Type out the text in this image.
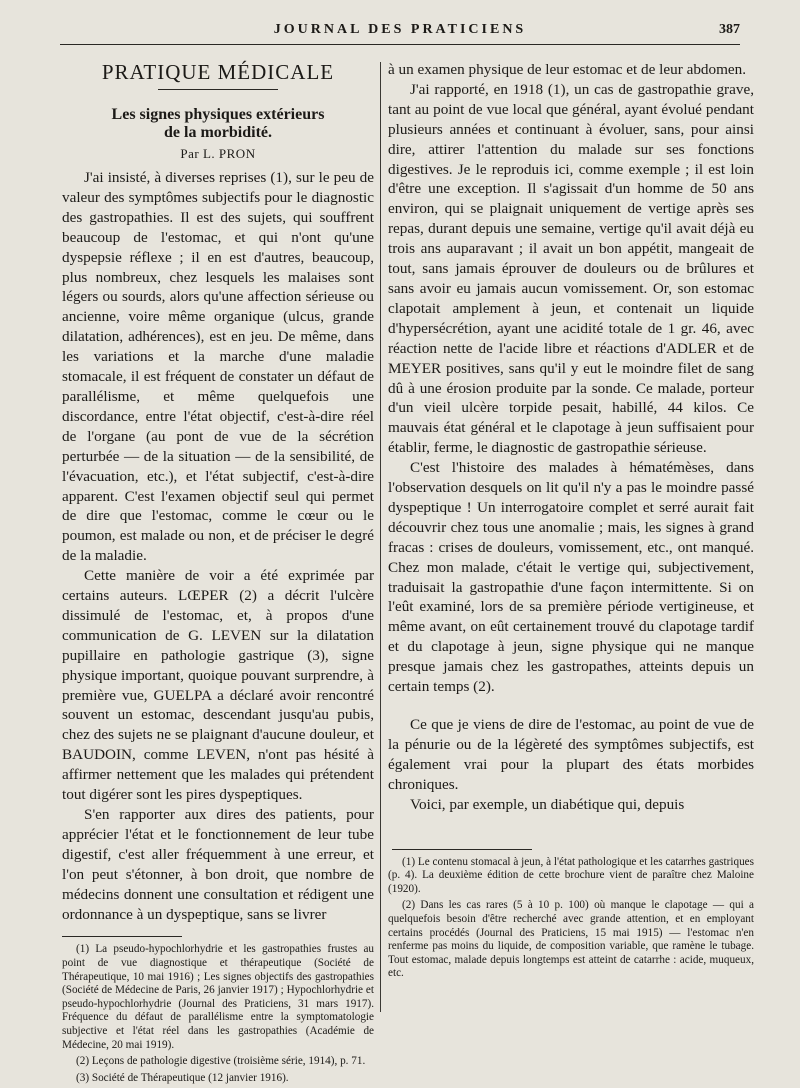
JOURNAL DES PRATICIENS	387
PRATIQUE MÉDICALE
Les signes physiques extérieurs
de la morbidité.
Par L. PRON

J'ai insisté, à diverses reprises (1), sur le peu de valeur des symptômes subjectifs pour le diagnostic des gastropathies. Il est des sujets, qui souffrent beaucoup de l'estomac, et qui n'ont qu'une dyspepsie réflexe ; il en est d'autres, beaucoup, plus nombreux, chez lesquels les malaises sont légers ou sourds, alors qu'une affection sérieuse ou ancienne, voire même organique (ulcus, grande dilatation, adhérences), est en jeu. De même, dans les variations et la marche d'une maladie stomacale, il est fréquent de constater un défaut de parallélisme, et même quelquefois une discordance, entre l'état objectif, c'est-à-dire réel de l'organe (au pont de vue de la sécrétion perturbée — de la situation — de la sensibilité, de l'évacuation, etc.), et l'état subjectif, c'est-à-dire apparent. C'est l'examen objectif seul qui permet de dire que l'estomac, comme le cœur ou le poumon, est malade ou non, et de préciser le degré de la maladie.

Cette manière de voir a été exprimée par certains auteurs. LŒPER (2) a décrit l'ulcère dissimulé de l'estomac, et, à propos d'une communication de G. LEVEN sur la dilatation pupillaire en pathologie gastrique (3), signe physique important, quoique pouvant surprendre, à première vue, GUELPA a déclaré avoir rencontré souvent un estomac, descendant jusqu'au pubis, chez des sujets ne se plaignant d'aucune douleur, et BAUDOIN, comme LEVEN, n'ont pas hésité à affirmer nettement que les malades qui prétendent tout digérer sont les pires dyspeptiques.

S'en rapporter aux dires des patients, pour apprécier l'état et le fonctionnement de leur tube digestif, c'est aller fréquemment à une erreur, et l'on peut s'étonner, à bon droit, que nombre de médecins donnent une consultation et rédigent une ordonnance à un dyspeptique, sans se livrer

(1) La pseudo-hypochlorhydrie et les gastropathies frustes au point de vue diagnostique et thérapeutique (Société de Thérapeutique, 10 mai 1916) ; Les signes objectifs des gastropathies (Société de Médecine de Paris, 26 janvier 1917) ; Hypochlorhydrie et pseudo-hypochlorhydrie (Journal des Praticiens, 31 mars 1917). Fréquence du défaut de parallélisme entre la symptomatologie subjective et l'état réel dans les gastropathies (Académie de Médecine, 20 mai 1919).

(2) Leçons de pathologie digestive (troisième série, 1914), p. 71.

(3) Société de Thérapeutique (12 janvier 1916).

à un examen physique de leur estomac et de leur abdomen.

J'ai rapporté, en 1918 (1), un cas de gastropathie grave, tant au point de vue local que général, ayant évolué pendant plusieurs années et continuant à évoluer, sans, pour ainsi dire, attirer l'attention du malade sur ses fonctions digestives. Je le reproduis ici, comme exemple ; il est loin d'être une exception. Il s'agissait d'un homme de 50 ans environ, qui se plaignait uniquement de vertige après ses repas, durant depuis une semaine, vertige qu'il avait déjà eu trois ans auparavant ; il avait un bon appétit, mangeait de tout, sans jamais éprouver de douleurs ou de brûlures et sans avoir eu jamais aucun vomissement. Or, son estomac clapotait amplement à jeun, et contenait un liquide d'hypersécrétion, ayant une acidité totale de 1 gr. 46, avec réaction nette de l'acide libre et réactions d'ADLER et de MEYER positives, sans qu'il y eut le moindre filet de sang dû à une érosion produite par la sonde. Ce malade, porteur d'un vieil ulcère torpide pesait, habillé, 44 kilos. Ce mauvais état général et le clapotage à jeun suffisaient pour établir, ferme, le diagnostic de gastropathie sérieuse.

C'est l'histoire des malades à hématémèses, dans l'observation desquels on lit qu'il n'y a pas le moindre passé dyspeptique ! Un interrogatoire complet et serré aurait fait découvrir chez tous une anomalie ; mais, les signes à grand fracas : crises de douleurs, vomissement, etc., ont manqué. Chez mon malade, c'était le vertige qui, subjectivement, traduisait la gastropathie d'une façon intermittente. Si on l'eût examiné, lors de sa première période vertigineuse, et même avant, on eût certainement trouvé du clapotage tardif et du clapotage à jeun, signe physique qui ne manque presque jamais chez les gastropathes, atteints depuis un certain temps (2).

Ce que je viens de dire de l'estomac, au point de vue de la pénurie ou de la légèreté des symptômes subjectifs, est également vrai pour la plupart des états morbides chroniques.

Voici, par exemple, un diabétique qui, depuis

(1) Le contenu stomacal à jeun, à l'état pathologique et les catarrhes gastriques (p. 4). La deuxième édition de cette brochure vient de paraître chez Maloine (1920).

(2) Dans les cas rares (5 à 10 p. 100) où manque le clapotage — qui a quelquefois besoin d'être recherché avec grande attention, et en employant certains procédés (Journal des Praticiens, 15 mai 1915) — l'estomac n'en renferme pas moins du liquide, de composition variable, que ramène le tubage. Tout estomac, malade depuis longtemps est atteint de catarrhe : acide, muqueux, etc.
